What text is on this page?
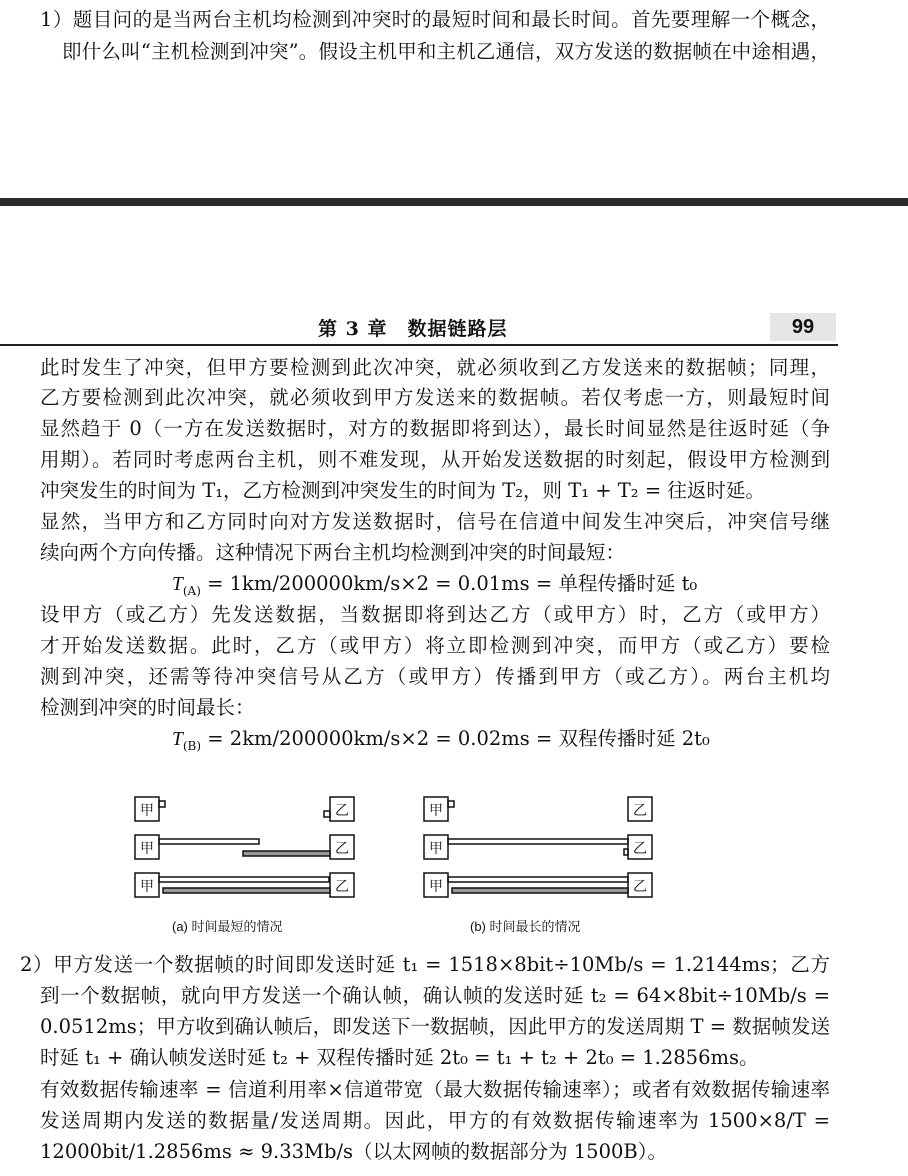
1）题目问的是当两台主机均检测到冲突时的最短时间和最长时间。首先要理解一个概念，
即什么叫“主机检测到冲突”。假设主机甲和主机乙通信，双方发送的数据帧在中途相遇，
第 3 章　数据链路层	99
此时发生了冲突，但甲方要检测到此次冲突，就必须收到乙方发送来的数据帧；同理，
乙方要检测到此次冲突，就必须收到甲方发送来的数据帧。若仅考虑一方，则最短时间
显然趋于 0（一方在发送数据时，对方的数据即将到达），最长时间显然是往返时延（争
用期）。若同时考虑两台主机，则不难发现，从开始发送数据的时刻起，假设甲方检测到
冲突发生的时间为 T₁，乙方检测到冲突发生的时间为 T₂，则 T₁ + T₂ = 往返时延。
显然，当甲方和乙方同时向对方发送数据时，信号在信道中间发生冲突后，冲突信号继
续向两个方向传播。这种情况下两台主机均检测到冲突的时间最短：
$T_{(A)} = 1km/200000km/s\times 2 = 0.01ms$ = 单程传播时延 t₀
设甲方（或乙方）先发送数据，当数据即将到达乙方（或甲方）时，乙方（或甲方）
才开始发送数据。此时，乙方（或甲方）将立即检测到冲突，而甲方（或乙方）要检
测到冲突，还需等待冲突信号从乙方（或甲方）传播到甲方（或乙方）。两台主机均
检测到冲突的时间最长：
$T_{(B)} = 2km/200000km/s\times 2 = 0.02ms$ = 双程传播时延 2t₀
甲	乙
甲	乙
甲	乙
甲	乙
甲	乙
甲	乙
(a) 时间最短的情况	(b) 时间最长的情况
2）甲方发送一个数据帧的时间即发送时延 t₁ = 1518×8bit÷10Mb/s = 1.2144ms；乙方
到一个数据帧，就向甲方发送一个确认帧，确认帧的发送时延 t₂ = 64×8bit÷10Mb/s =
0.0512ms；甲方收到确认帧后，即发送下一数据帧，因此甲方的发送周期 T = 数据帧发送
时延 t₁ + 确认帧发送时延 t₂ + 双程传播时延 2t₀ = t₁ + t₂ + 2t₀ = 1.2856ms。
有效数据传输速率 = 信道利用率×信道带宽（最大数据传输速率）；或者有效数据传输速率
发送周期内发送的数据量/发送周期。因此，甲方的有效数据传输速率为 1500×8/T =
12000bit/1.2856ms ≈ 9.33Mb/s（以太网帧的数据部分为 1500B）。
